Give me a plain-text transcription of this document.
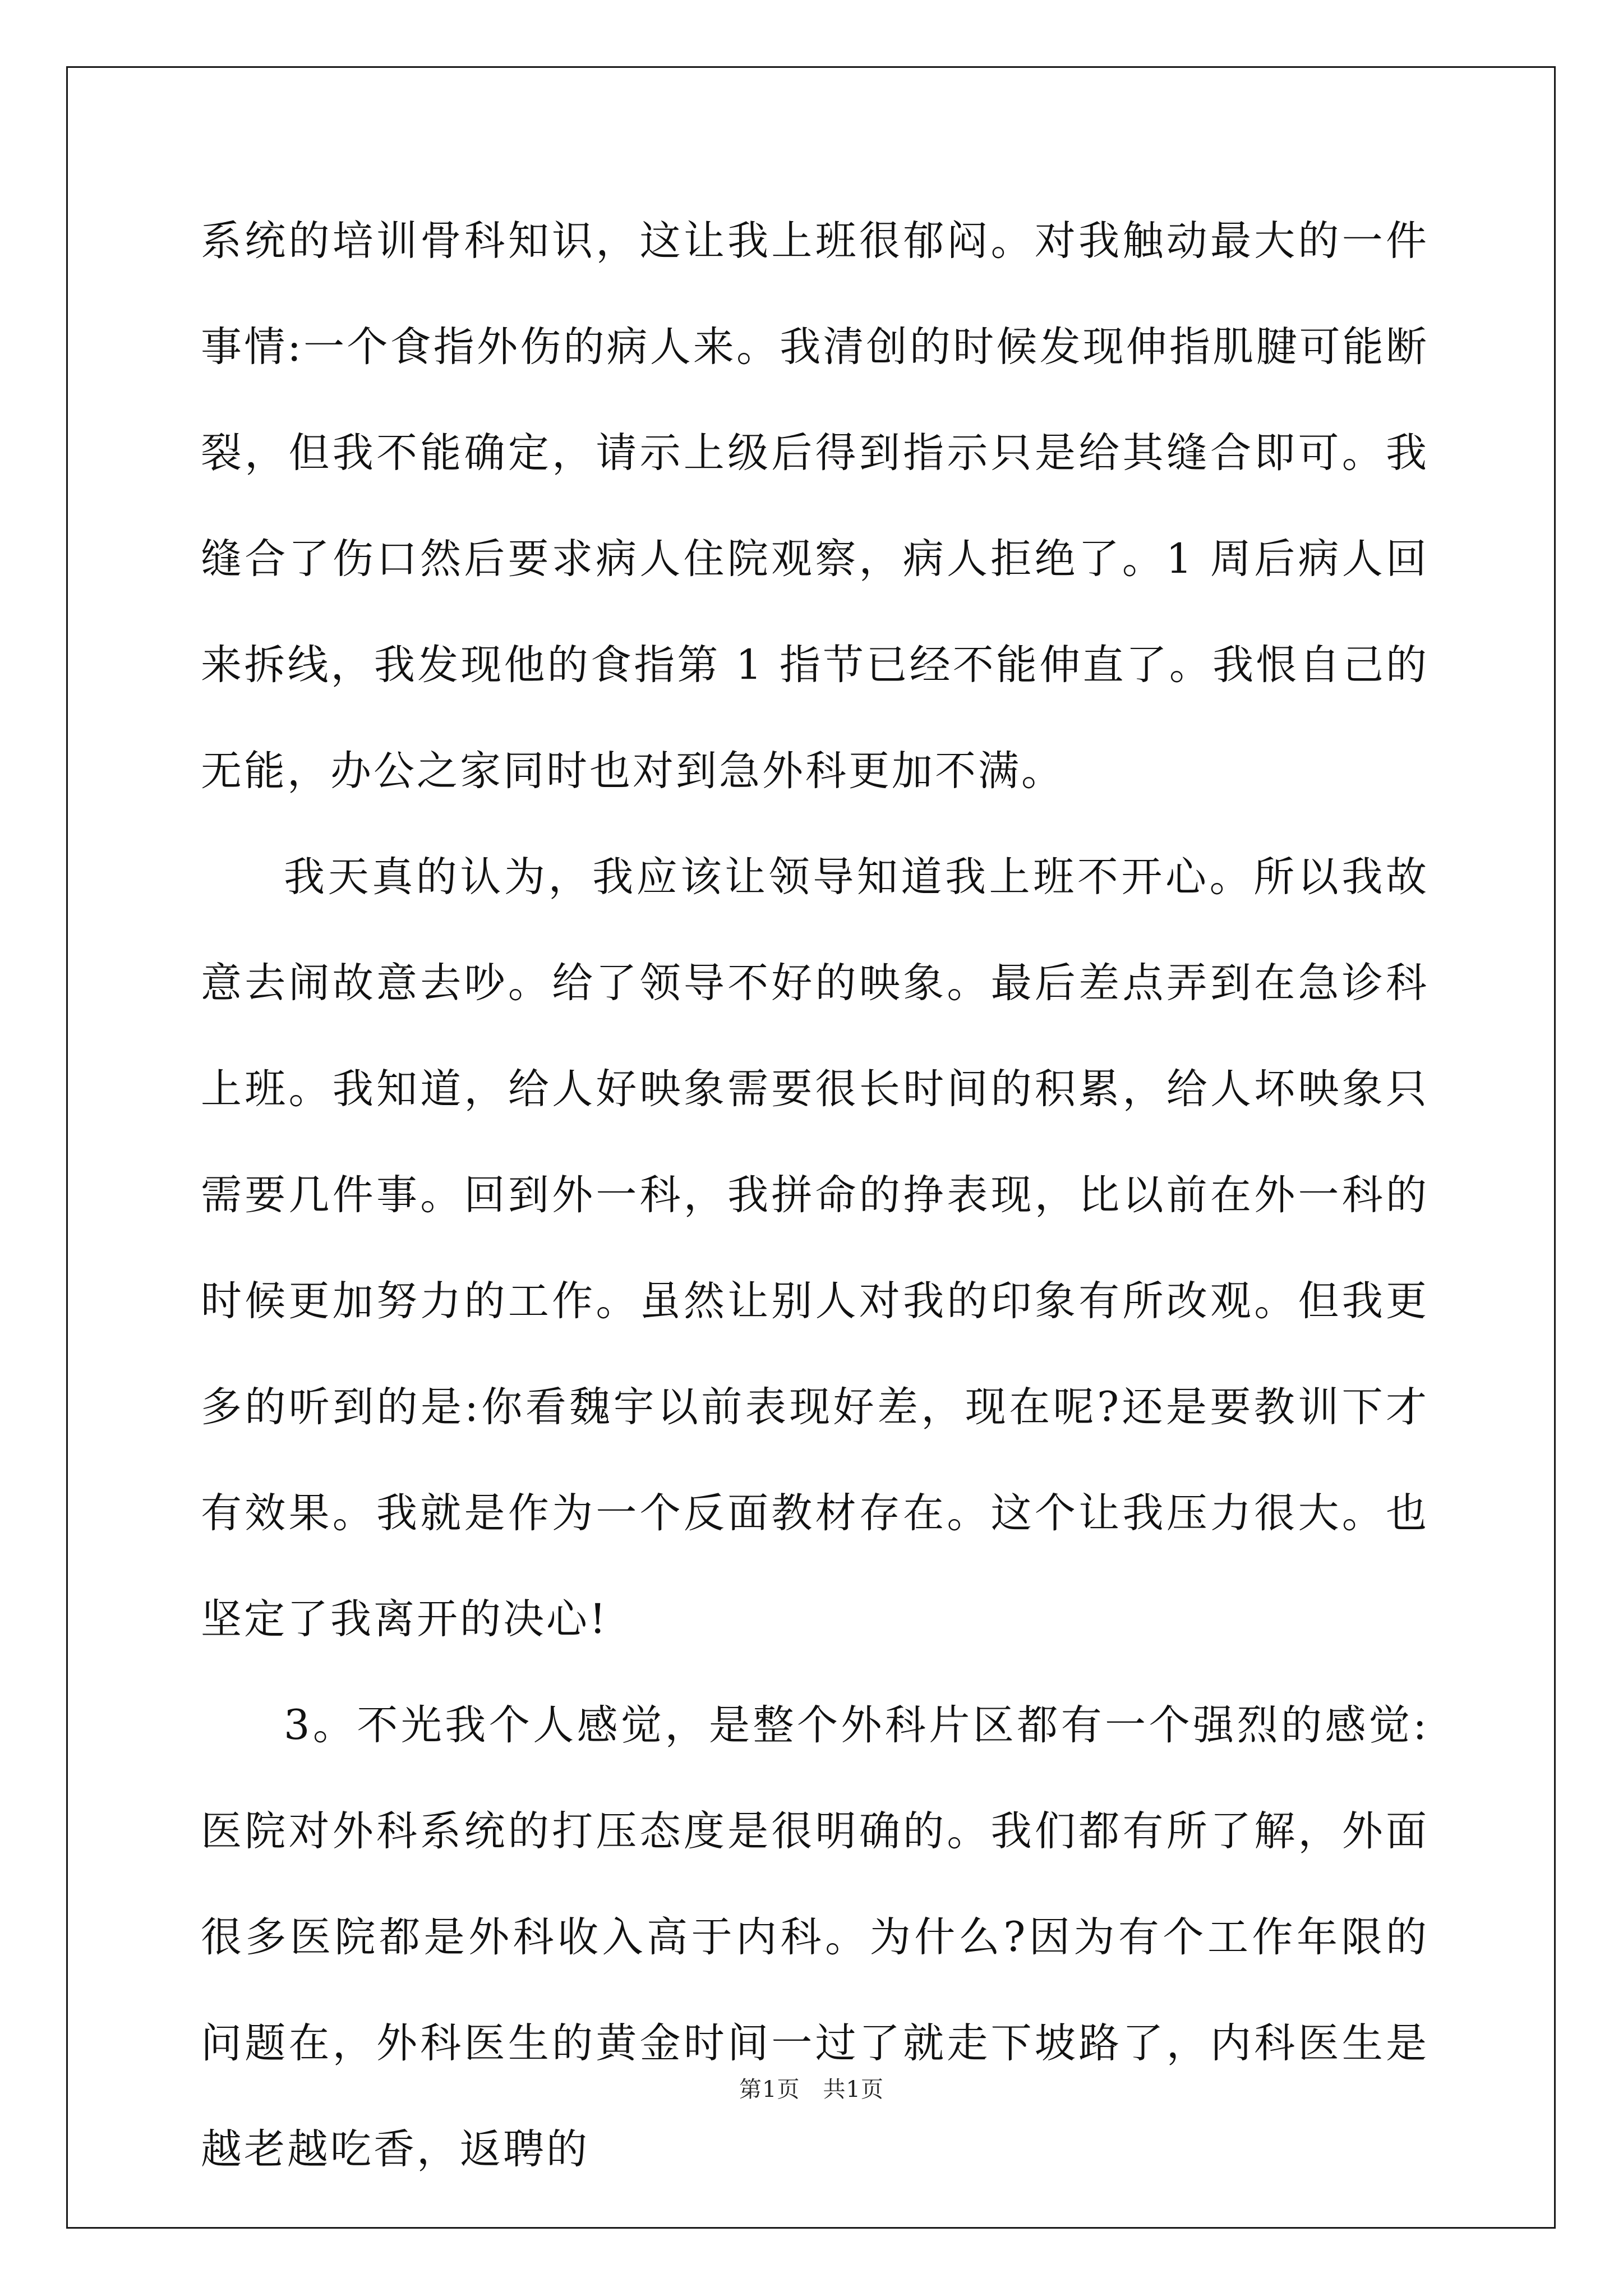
系统的培训骨科知识，这让我上班很郁闷。对我触动最大的一件事情:一个食指外伤的病人来。我清创的时候发现伸指肌腱可能断裂，但我不能确定，请示上级后得到指示只是给其缝合即可。我缝合了伤口然后要求病人住院观察，病人拒绝了。1 周后病人回来拆线，我发现他的食指第 1 指节已经不能伸直了。我恨自己的无能，办公之家同时也对到急外科更加不满。

我天真的认为，我应该让领导知道我上班不开心。所以我故意去闹故意去吵。给了领导不好的映象。最后差点弄到在急诊科上班。我知道，给人好映象需要很长时间的积累，给人坏映象只需要几件事。回到外一科，我拼命的挣表现，比以前在外一科的时候更加努力的工作。虽然让别人对我的印象有所改观。但我更多的听到的是:你看魏宇以前表现好差，现在呢?还是要教训下才有效果。我就是作为一个反面教材存在。这个让我压力很大。也坚定了我离开的决心!

3。不光我个人感觉，是整个外科片区都有一个强烈的感觉:医院对外科系统的打压态度是很明确的。我们都有所了解，外面很多医院都是外科收入高于内科。为什么?因为有个工作年限的问题在，外科医生的黄金时间一过了就走下坡路了，内科医生是越老越吃香，返聘的

第1页　共1页
